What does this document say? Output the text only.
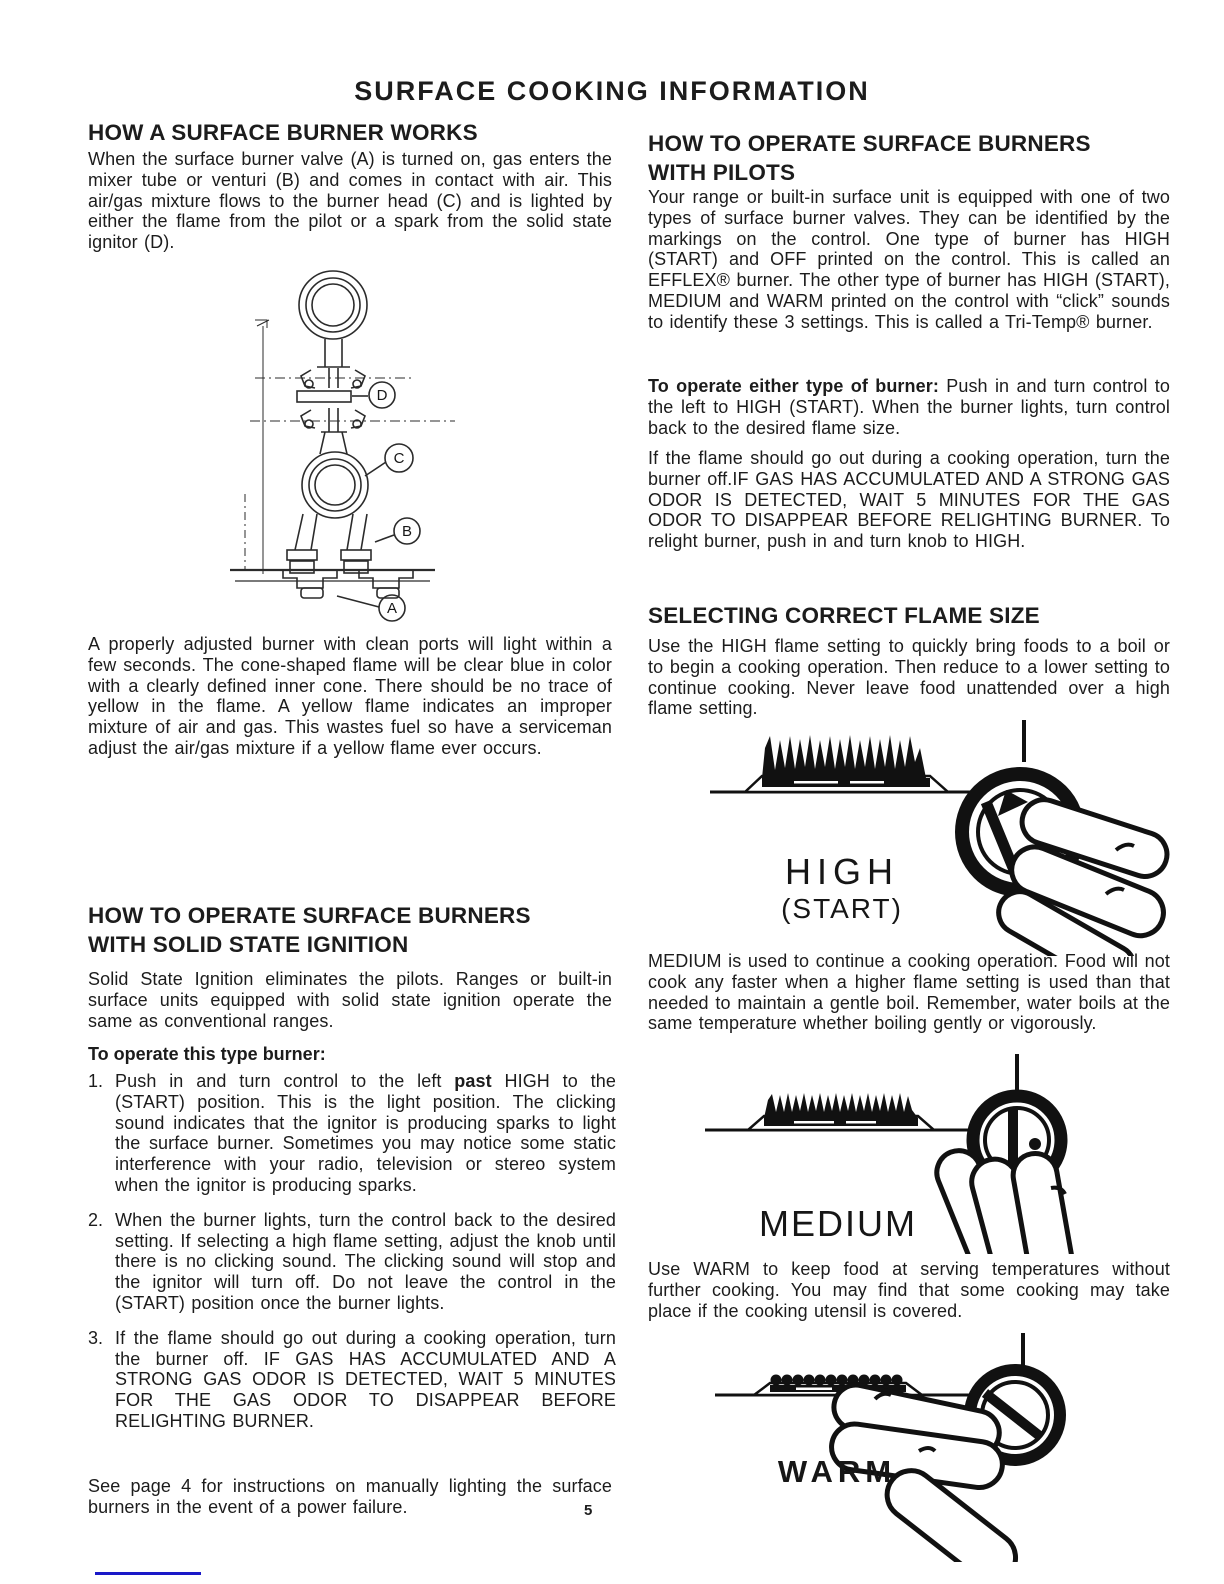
SURFACE COOKING INFORMATION
HOW A SURFACE BURNER WORKS
When the surface burner valve (A) is turned on, gas enters the mixer tube or venturi (B) and comes in contact with air. This air/gas mixture flows to the burner head (C) and is lighted by either the flame from the pilot or a spark from the solid state ignitor (D).
D
C
B
A
A properly adjusted burner with clean ports will light within a few seconds. The cone-shaped flame will be clear blue in color with a clearly defined inner cone. There should be no trace of yellow in the flame. A yellow flame indicates an improper mixture of air and gas. This wastes fuel so have a serviceman adjust the air/gas mixture if a yellow flame ever occurs.
HOW TO OPERATE SURFACE BURNERS WITH SOLID STATE IGNITION
Solid State Ignition eliminates the pilots. Ranges or built-in surface units equipped with solid state ignition operate the same as conventional ranges.
To operate this type burner:
1. Push in and turn control to the left past HIGH to the (START) position. This is the light position. The clicking sound indicates that the ignitor is producing sparks to light the surface burner. Sometimes you may notice some static interference with your radio, television or stereo system when the ignitor is producing sparks.
2. When the burner lights, turn the control back to the desired setting. If selecting a high flame setting, adjust the knob until there is no clicking sound. The clicking sound will stop and the ignitor will turn off. Do not leave the control in the (START) position once the burner lights.
3. If the flame should go out during a cooking operation, turn the burner off. IF GAS HAS ACCUMULATED AND A STRONG GAS ODOR IS DETECTED, WAIT 5 MINUTES FOR THE GAS ODOR TO DISAPPEAR BEFORE RELIGHTING BURNER.
See page 4 for instructions on manually lighting the surface burners in the event of a power failure.	5
HOW TO OPERATE SURFACE BURNERS WITH PILOTS
Your range or built-in surface unit is equipped with one of two types of surface burner valves. They can be identified by the markings on the control. One type of burner has HIGH (START) and OFF printed on the control. This is called an EFFLEX® burner. The other type of burner has HIGH (START), MEDIUM and WARM printed on the control with “click” sounds to identify these 3 settings. This is called a Tri-Temp® burner.
To operate either type of burner: Push in and turn control to the left to HIGH (START). When the burner lights, turn control back to the desired flame size.
If the flame should go out during a cooking operation, turn the burner off.IF GAS HAS ACCUMULATED AND A STRONG GAS ODOR IS DETECTED, WAIT 5 MINUTES FOR THE GAS ODOR TO DISAPPEAR BEFORE RELIGHTING BURNER. To relight burner, push in and turn knob to HIGH.
SELECTING CORRECT FLAME SIZE
Use the HIGH flame setting to quickly bring foods to a boil or to begin a cooking operation. Then reduce to a lower setting to continue cooking. Never leave food unattended over a high flame setting.
HIGH
(START)
MEDIUM is used to continue a cooking operation. Food will not cook any faster when a higher flame setting is used than that needed to maintain a gentle boil. Remember, water boils at the same temperature whether boiling gently or vigorously.
MEDIUM
Use WARM to keep food at serving temperatures without further cooking. You may find that some cooking may take place if the cooking utensil is covered.
WARM
